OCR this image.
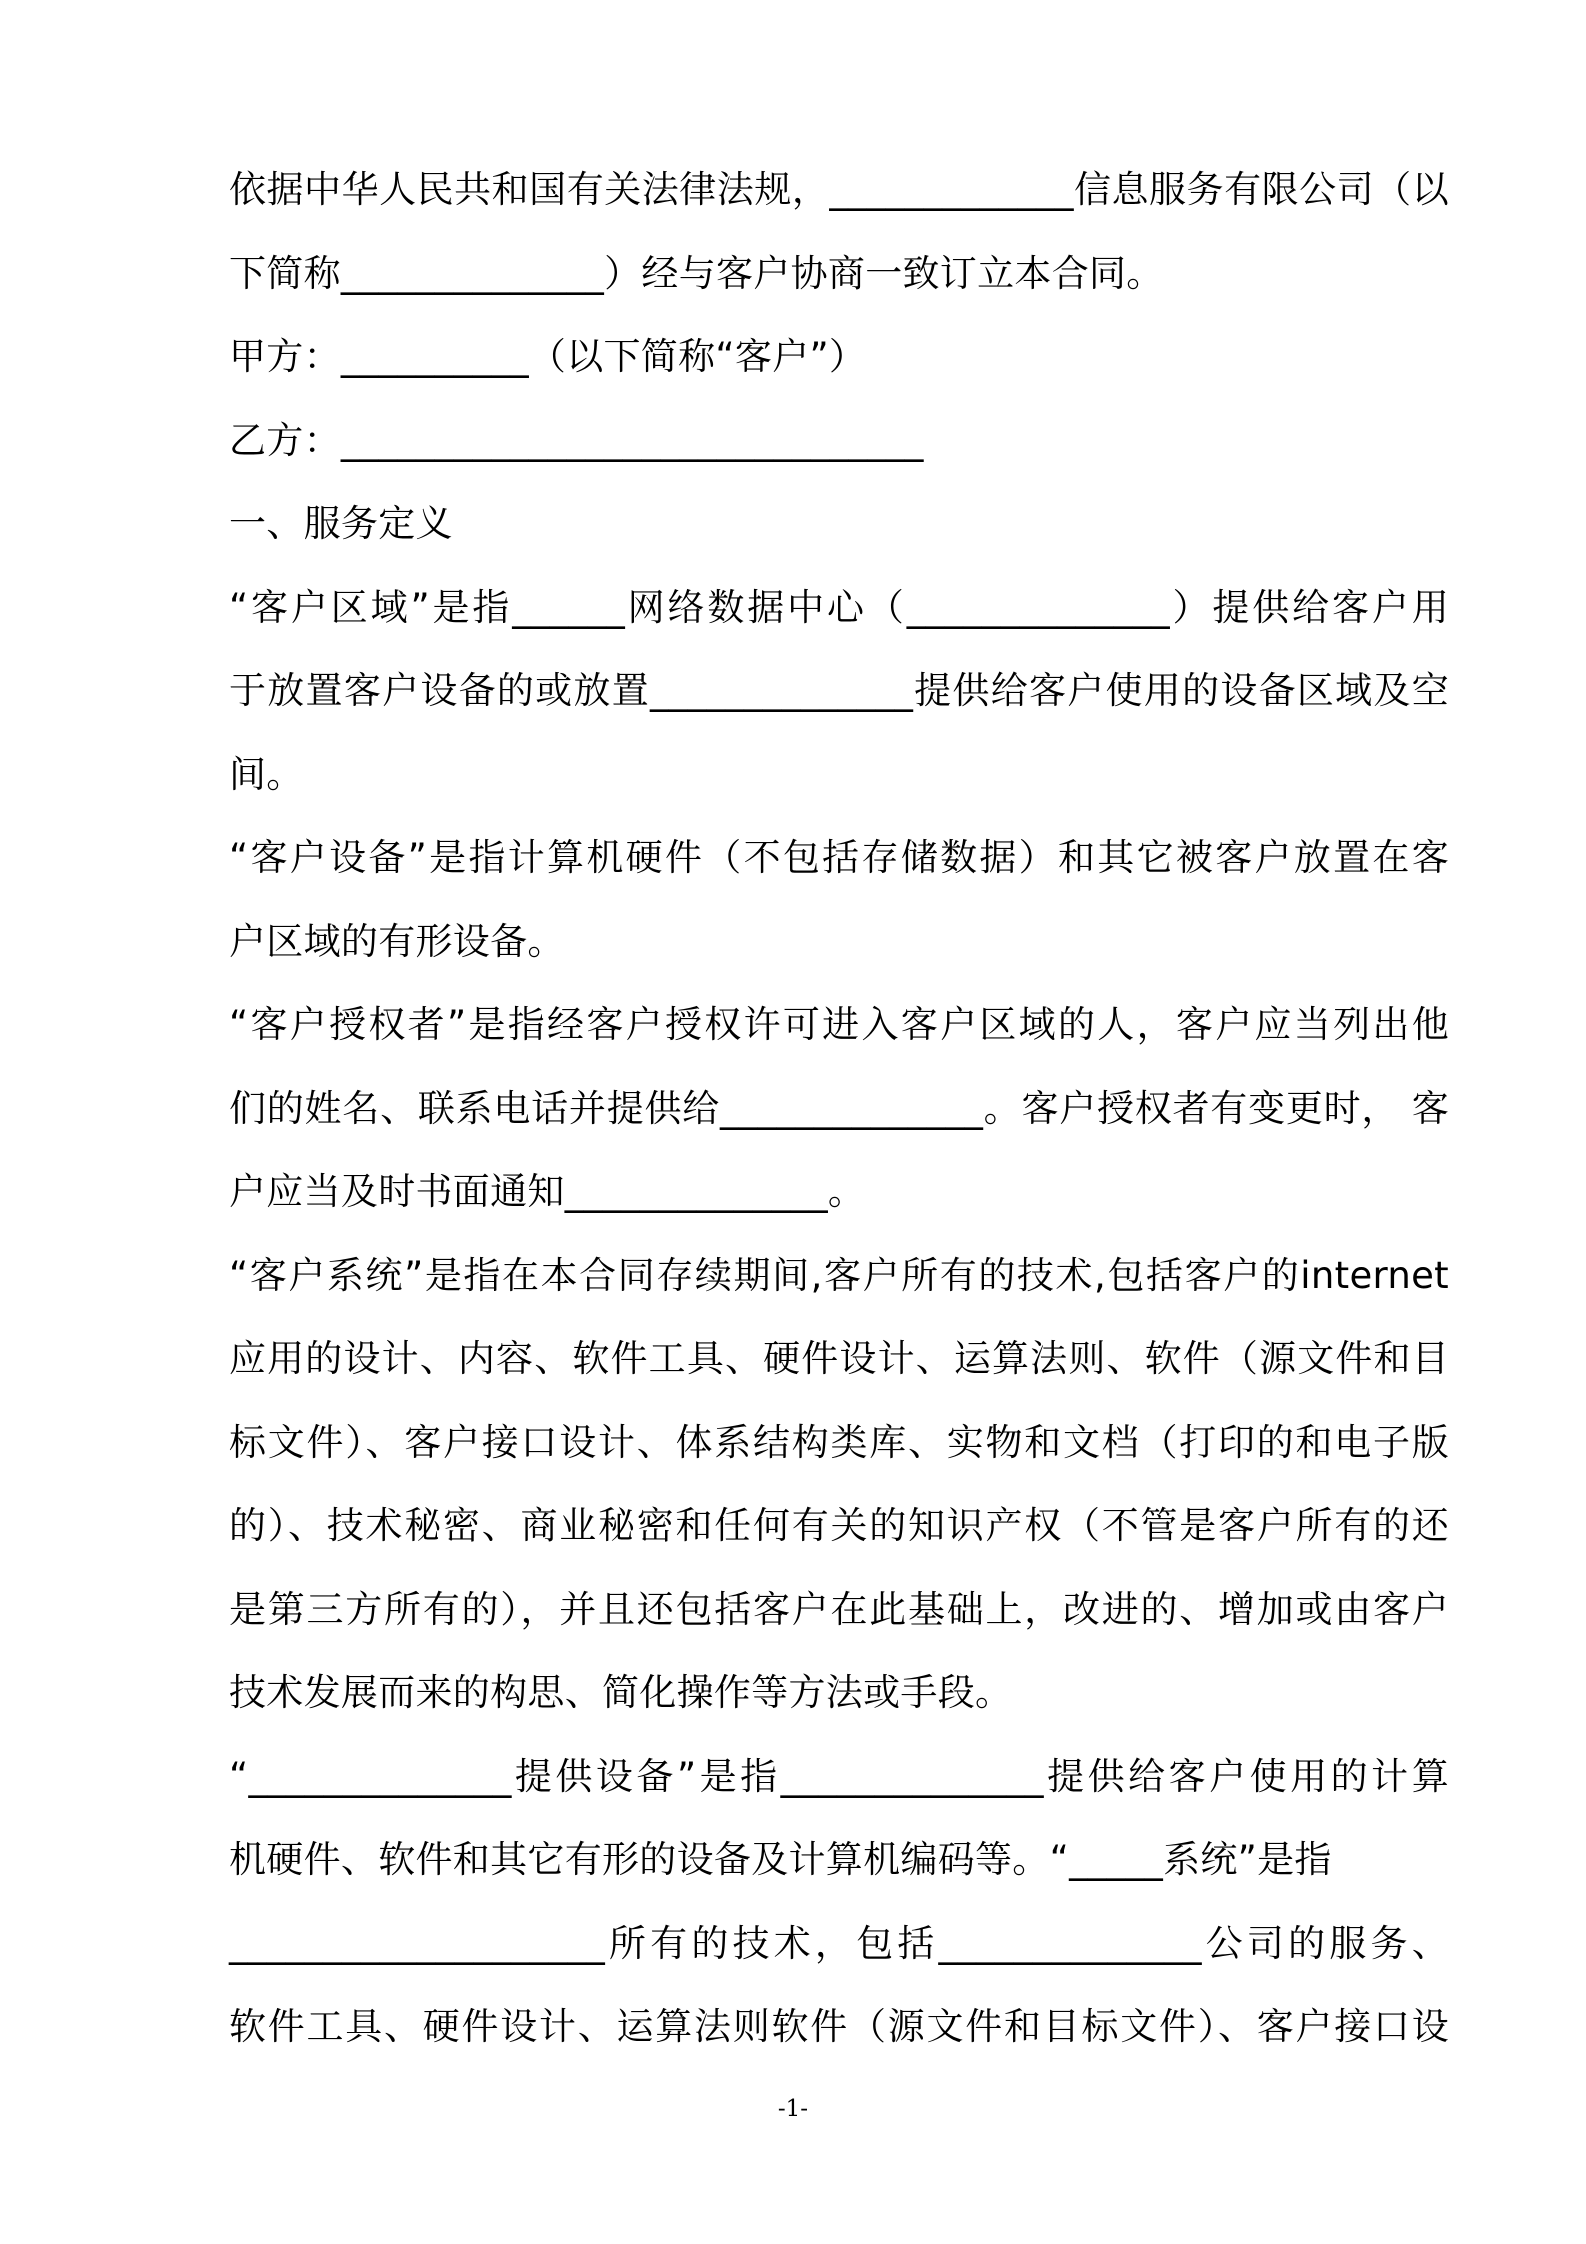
依据中华人民共和国有关法律法规，_____________信息服务有限公司（以
下简称______________）经与客户协商一致订立本合同。
甲方：__________（以下简称“客户”）
乙方：_______________________________
一、服务定义
“客户区域”是指______网络数据中心（______________）提供给客户用
于放置客户设备的或放置______________提供给客户使用的设备区域及空
间。
“客户设备”是指计算机硬件（不包括存储数据）和其它被客户放置在客
户区域的有形设备。
“客户授权者”是指经客户授权许可进入客户区域的人，客户应当列出他
们的姓名、联系电话并提供给______________。客户授权者有变更时， 客
户应当及时书面通知______________。
“客户系统”是指在本合同存续期间,客户所有的技术,包括客户的internet
应用的设计、内容、软件工具、硬件设计、运算法则、软件（源文件和目
标文件）、客户接口设计、体系结构类库、实物和文档（打印的和电子版
的）、技术秘密、商业秘密和任何有关的知识产权（不管是客户所有的还
是第三方所有的），并且还包括客户在此基础上，改进的、增加或由客户
技术发展而来的构思、简化操作等方法或手段。
“______________提供设备”是指______________提供给客户使用的计算
机硬件、软件和其它有形的设备及计算机编码等。“_____系统”是指
____________________所有的技术，包括______________公司的服务、
软件工具、硬件设计、运算法则软件（源文件和目标文件）、客户接口设
-1-
